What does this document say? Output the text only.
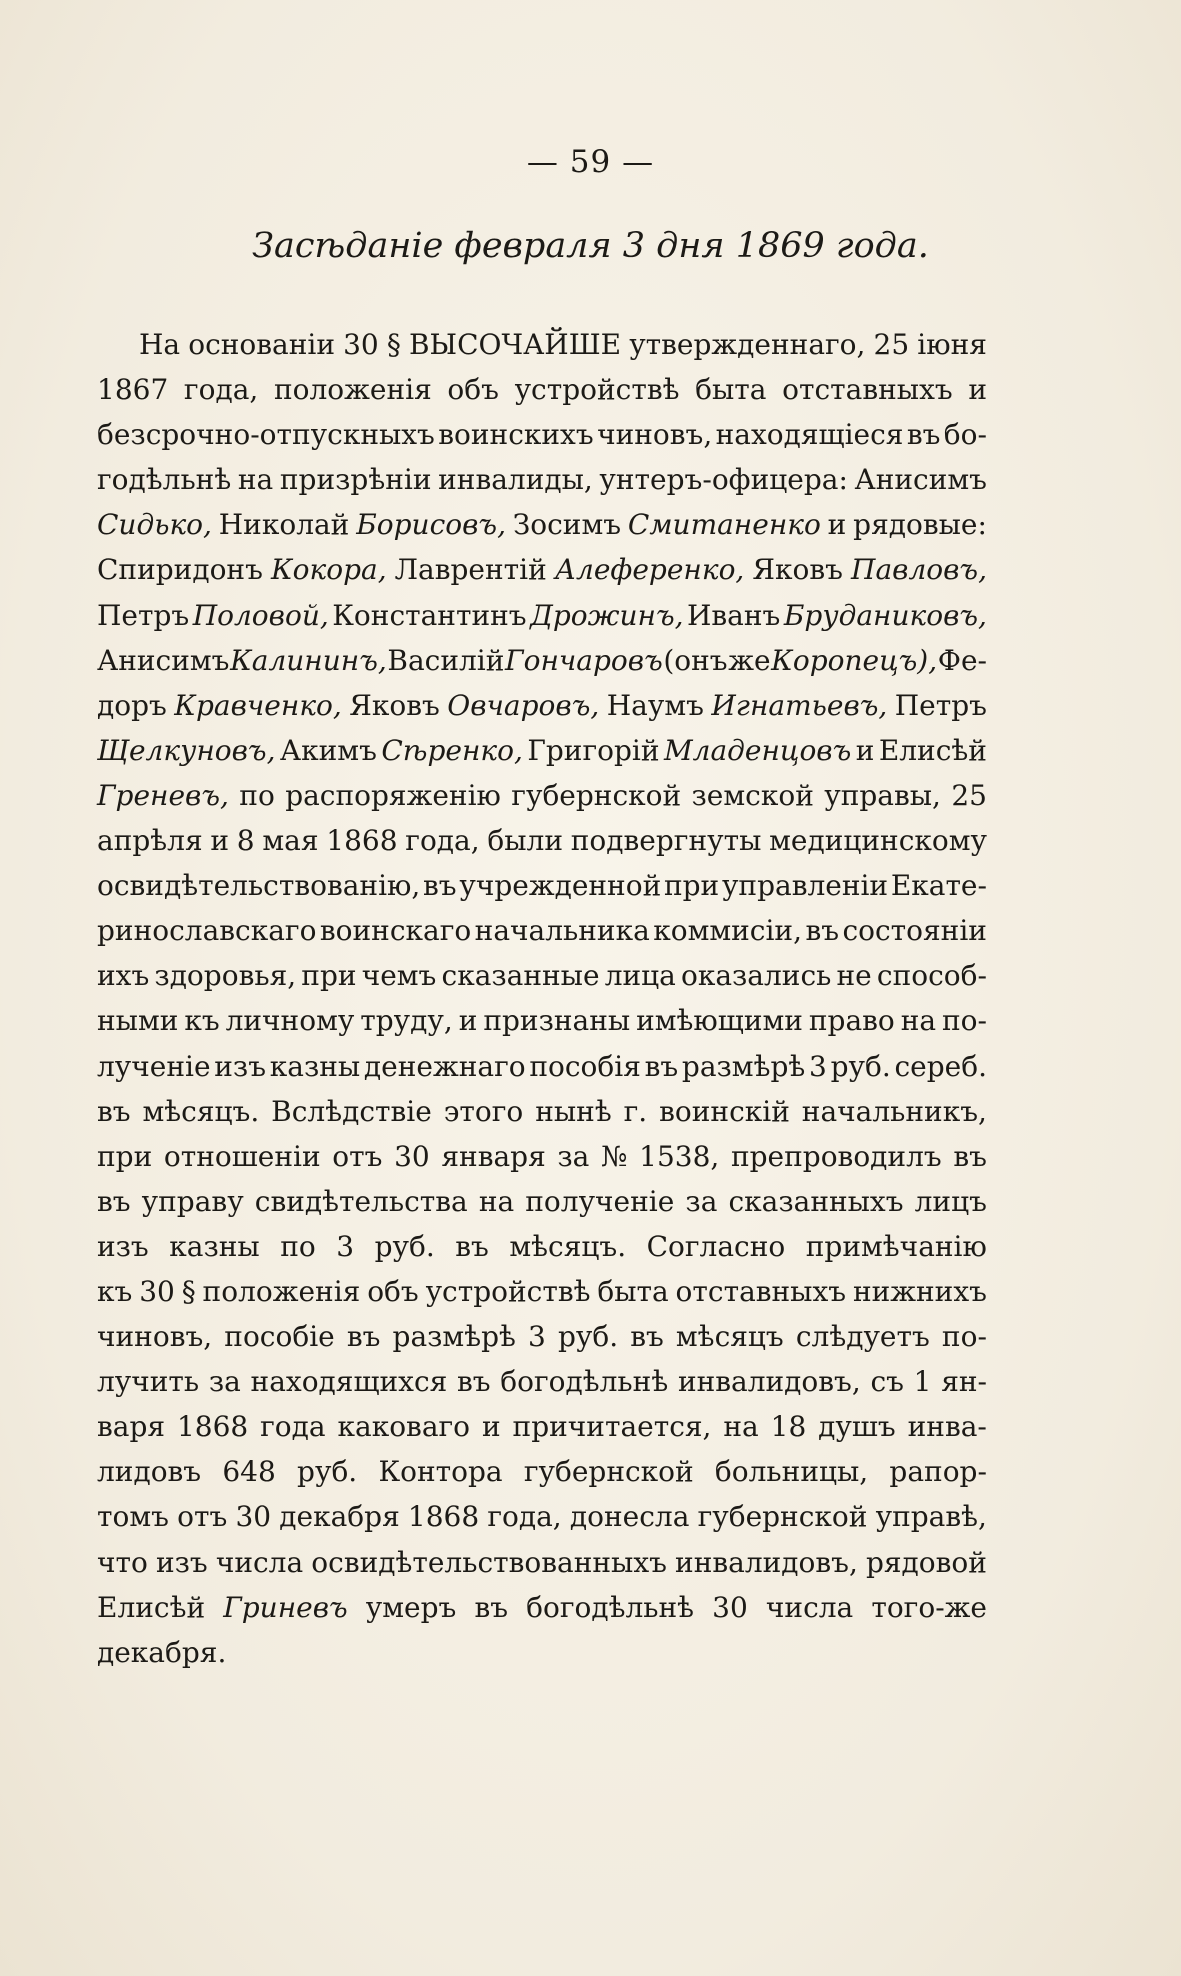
— 59 —
Засѣданіе февраля 3 дня 1869 года.
На основаніи 30 § ВЫСОЧАЙШЕ утвержденнаго, 25 іюня
1867 года, положенія объ устройствѣ быта отставныхъ и
безсрочно-отпускныхъ воинскихъ чиновъ, находящіеся въ бо-
годѣльнѣ на призрѣніи инвалиды, унтеръ-офицера: Анисимъ
Сидько, Николай Борисовъ, Зосимъ Смитаненко и рядовые:
Спиридонъ Кокора, Лаврентій Алеференко, Яковъ Павловъ,
Петръ Половой, Константинъ Дрожинъ, Иванъ Бруданиковъ,
Анисимъ Калининъ, Василій Гончаровъ (онъ же Коропецъ), Фе-
доръ Кравченко, Яковъ Овчаровъ, Наумъ Игнатьевъ, Петръ
Щелкуновъ, Акимъ Сѣренко, Григорій Младенцовъ и Елисѣй
Греневъ, по распоряженію губернской земской управы, 25
апрѣля и 8 мая 1868 года, были подвергнуты медицинскому
освидѣтельствованію, въ учрежденной при управленіи Екате-
ринославскаго воинскаго начальника коммисіи, въ состояніи
ихъ здоровья, при чемъ сказанные лица оказались не способ-
ными къ личному труду, и признаны имѣющими право на по-
лученіе изъ казны денежнаго пособія въ размѣрѣ 3 руб. сереб.
въ мѣсяцъ. Вслѣдствіе этого нынѣ г. воинскій начальникъ,
при отношеніи отъ 30 января за № 1538, препроводилъ въ
въ управу свидѣтельства на полученіе за сказанныхъ лицъ
изъ казны по 3 руб. въ мѣсяцъ. Согласно примѣчанію
къ 30 § положенія объ устройствѣ быта отставныхъ нижнихъ
чиновъ, пособіе въ размѣрѣ 3 руб. въ мѣсяцъ слѣдуетъ по-
лучить за находящихся въ богодѣльнѣ инвалидовъ, съ 1 ян-
варя 1868 года каковаго и причитается, на 18 душъ инва-
лидовъ 648 руб. Контора губернской больницы, рапор-
томъ отъ 30 декабря 1868 года, донесла губернской управѣ,
что изъ числа освидѣтельствованныхъ инвалидовъ, рядовой
Елисѣй Гриневъ умеръ въ богодѣльнѣ 30 числа того-же
декабря.
